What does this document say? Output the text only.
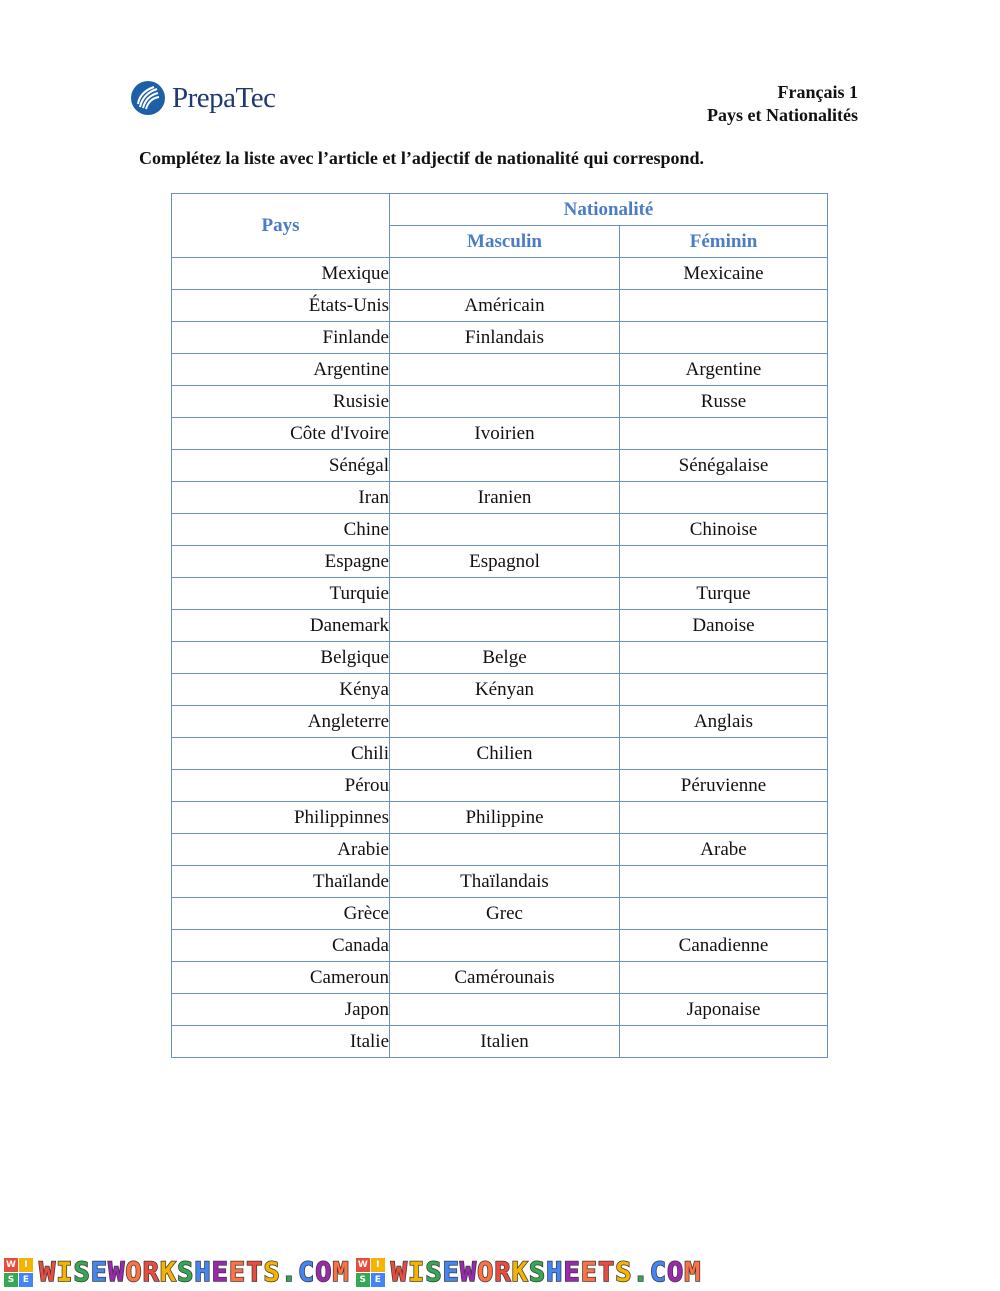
PrepaTec	Français 1
Pays et Nationalités
Complétez la liste avec l’article et l’adjectif de nationalité qui correspond.
Pays	Nationalité	
	Masculin	Féminin
Mexique		Mexicaine
États-Unis	Américain	
Finlande	Finlandais	
Argentine		Argentine
Rusisie		Russe
Côte d'Ivoire	Ivoirien	
Sénégal		Sénégalaise
Iran	Iranien	
Chine		Chinoise
Espagne	Espagnol	
Turquie		Turque
Danemark		Danoise
Belgique	Belge	
Kénya	Kényan	
Angleterre		Anglais
Chili	Chilien	
Pérou		Péruvienne
Philippinnes	Philippine	
Arabie		Arabe
Thaïlande	Thaïlandais	
Grèce	Grec	
Canada		Canadienne
Cameroun	Camérounais	
Japon		Japonaise
Italie	Italien	
W I
S E WISEWORKSHEETS.COM W I
S E WISEWORKSHEETS.COM
